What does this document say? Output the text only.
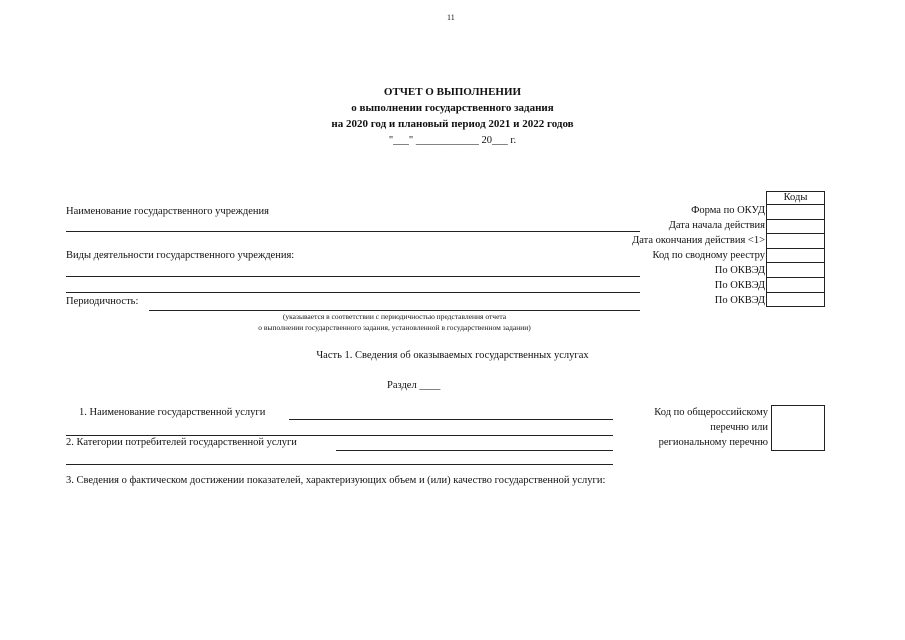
11
ОТЧЕТ О ВЫПОЛНЕНИИ
о выполнении государственного задания
на 2020 год и плановый период 2021 и 2022 годов
"___" ____________ 20___ г.
Коды

Форма по ОКУД
Дата начала действия
Дата окончания действия <1>
Код по сводному реестру
По ОКВЭД
По ОКВЭД
По ОКВЭД
Наименование государственного учреждения
Виды деятельности государственного учреждения:
Периодичность:
(указывается в соответствии с периодичностью представления отчета
о выполнении государственного задания, установленной в государственном задании)
Часть 1. Сведения об оказываемых государственных услугах
Раздел ____
1. Наименование государственной услуги
2. Категории потребителей государственной услуги
Код по общероссийскому
перечню или
региональному перечню
3. Сведения о фактическом достижении показателей, характеризующих объем и (или) качество государственной услуги:
